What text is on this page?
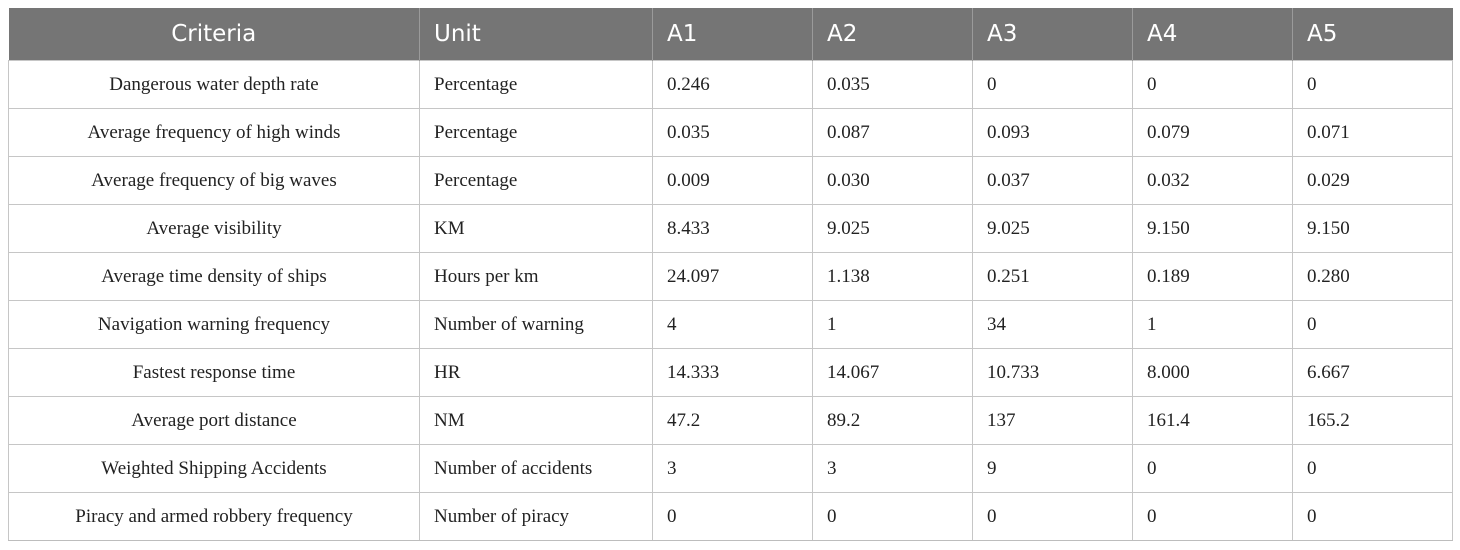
Criteria	Unit	A1	A2	A3	A4	A5
Dangerous water depth rate	Percentage	0.246	0.035	0	0	0
Average frequency of high winds	Percentage	0.035	0.087	0.093	0.079	0.071
Average frequency of big waves	Percentage	0.009	0.030	0.037	0.032	0.029
Average visibility	KM	8.433	9.025	9.025	9.150	9.150
Average time density of ships	Hours per km	24.097	1.138	0.251	0.189	0.280
Navigation warning frequency	Number of warning	4	1	34	1	0
Fastest response time	HR	14.333	14.067	10.733	8.000	6.667
Average port distance	NM	47.2	89.2	137	161.4	165.2
Weighted Shipping Accidents	Number of accidents	3	3	9	0	0
Piracy and armed robbery frequency	Number of piracy	0	0	0	0	0
